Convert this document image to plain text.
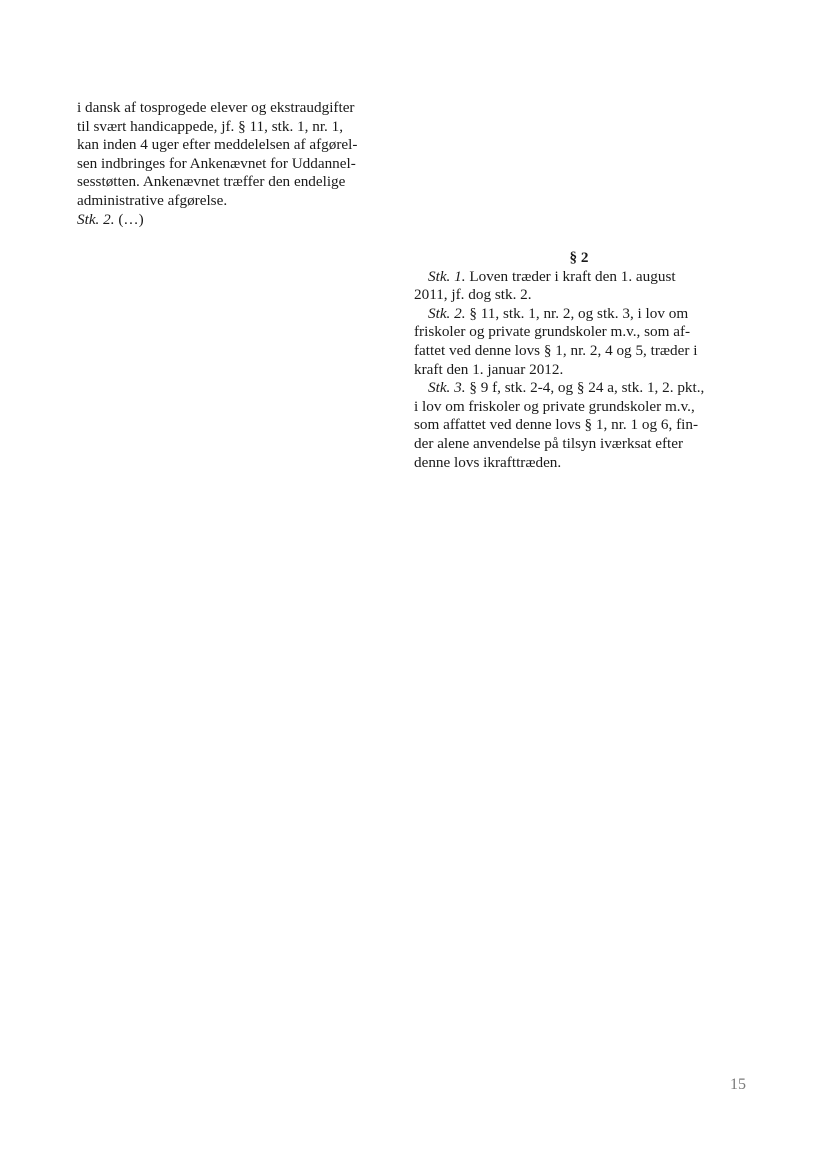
i dansk af tosprogede elever og ekstraudgifter
til svært handicappede, jf. § 11, stk. 1, nr. 1,
kan inden 4 uger efter meddelelsen af afgørel-
sen indbringes for Ankenævnet for Uddannel-
sesstøtten. Ankenævnet træffer den endelige
administrative afgørelse.
Stk. 2. (…)
§ 2
Stk. 1. Loven træder i kraft den 1. august
2011, jf. dog stk. 2.
Stk. 2. § 11, stk. 1, nr. 2, og stk. 3, i lov om
friskoler og private grundskoler m.v., som af-
fattet ved denne lovs § 1, nr. 2, 4 og 5, træder i
kraft den 1. januar 2012.
Stk. 3. § 9 f, stk. 2-4, og § 24 a, stk. 1, 2. pkt.,
i lov om friskoler og private grundskoler m.v.,
som affattet ved denne lovs § 1, nr. 1 og 6, fin-
der alene anvendelse på tilsyn iværksat efter
denne lovs ikrafttræden.
15
